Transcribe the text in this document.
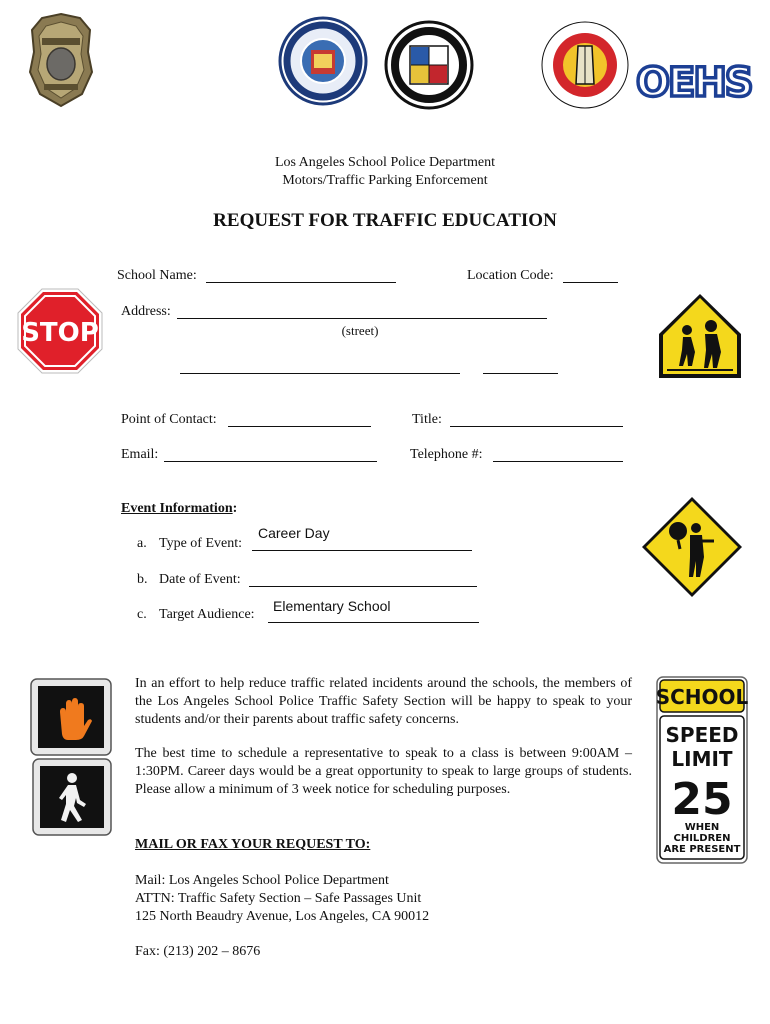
OEHS
Los Angeles School Police Department
Motors/Traffic Parking Enforcement
REQUEST FOR TRAFFIC EDUCATION
School Name:	Location Code:
Address:
(street)
Point of Contact:	Title:
Email:	Telephone #:
Event Information:
a. Type of Event:
Career Day
b. Date of Event:
c. Target Audience:
Elementary School
In an effort to help reduce traffic related incidents around the schools, the members of the Los Angeles School Police Traffic Safety Section will be happy to speak to your students and/or their parents about traffic safety concerns.
The best time to schedule a representative to speak to a class is between 9:00AM – 1:30PM. Career days would be a great opportunity to speak to large groups of students. Please allow a minimum of 3 week notice for scheduling purposes.
MAIL OR FAX YOUR REQUEST TO:
Mail: Los Angeles School Police Department
ATTN: Traffic Safety Section – Safe Passages Unit
125 North Beaudry Avenue, Los Angeles, CA 90012
Fax: (213) 202 – 8676
STOP
SCHOOL
SPEED
LIMIT
25
WHEN
CHILDREN
ARE PRESENT
